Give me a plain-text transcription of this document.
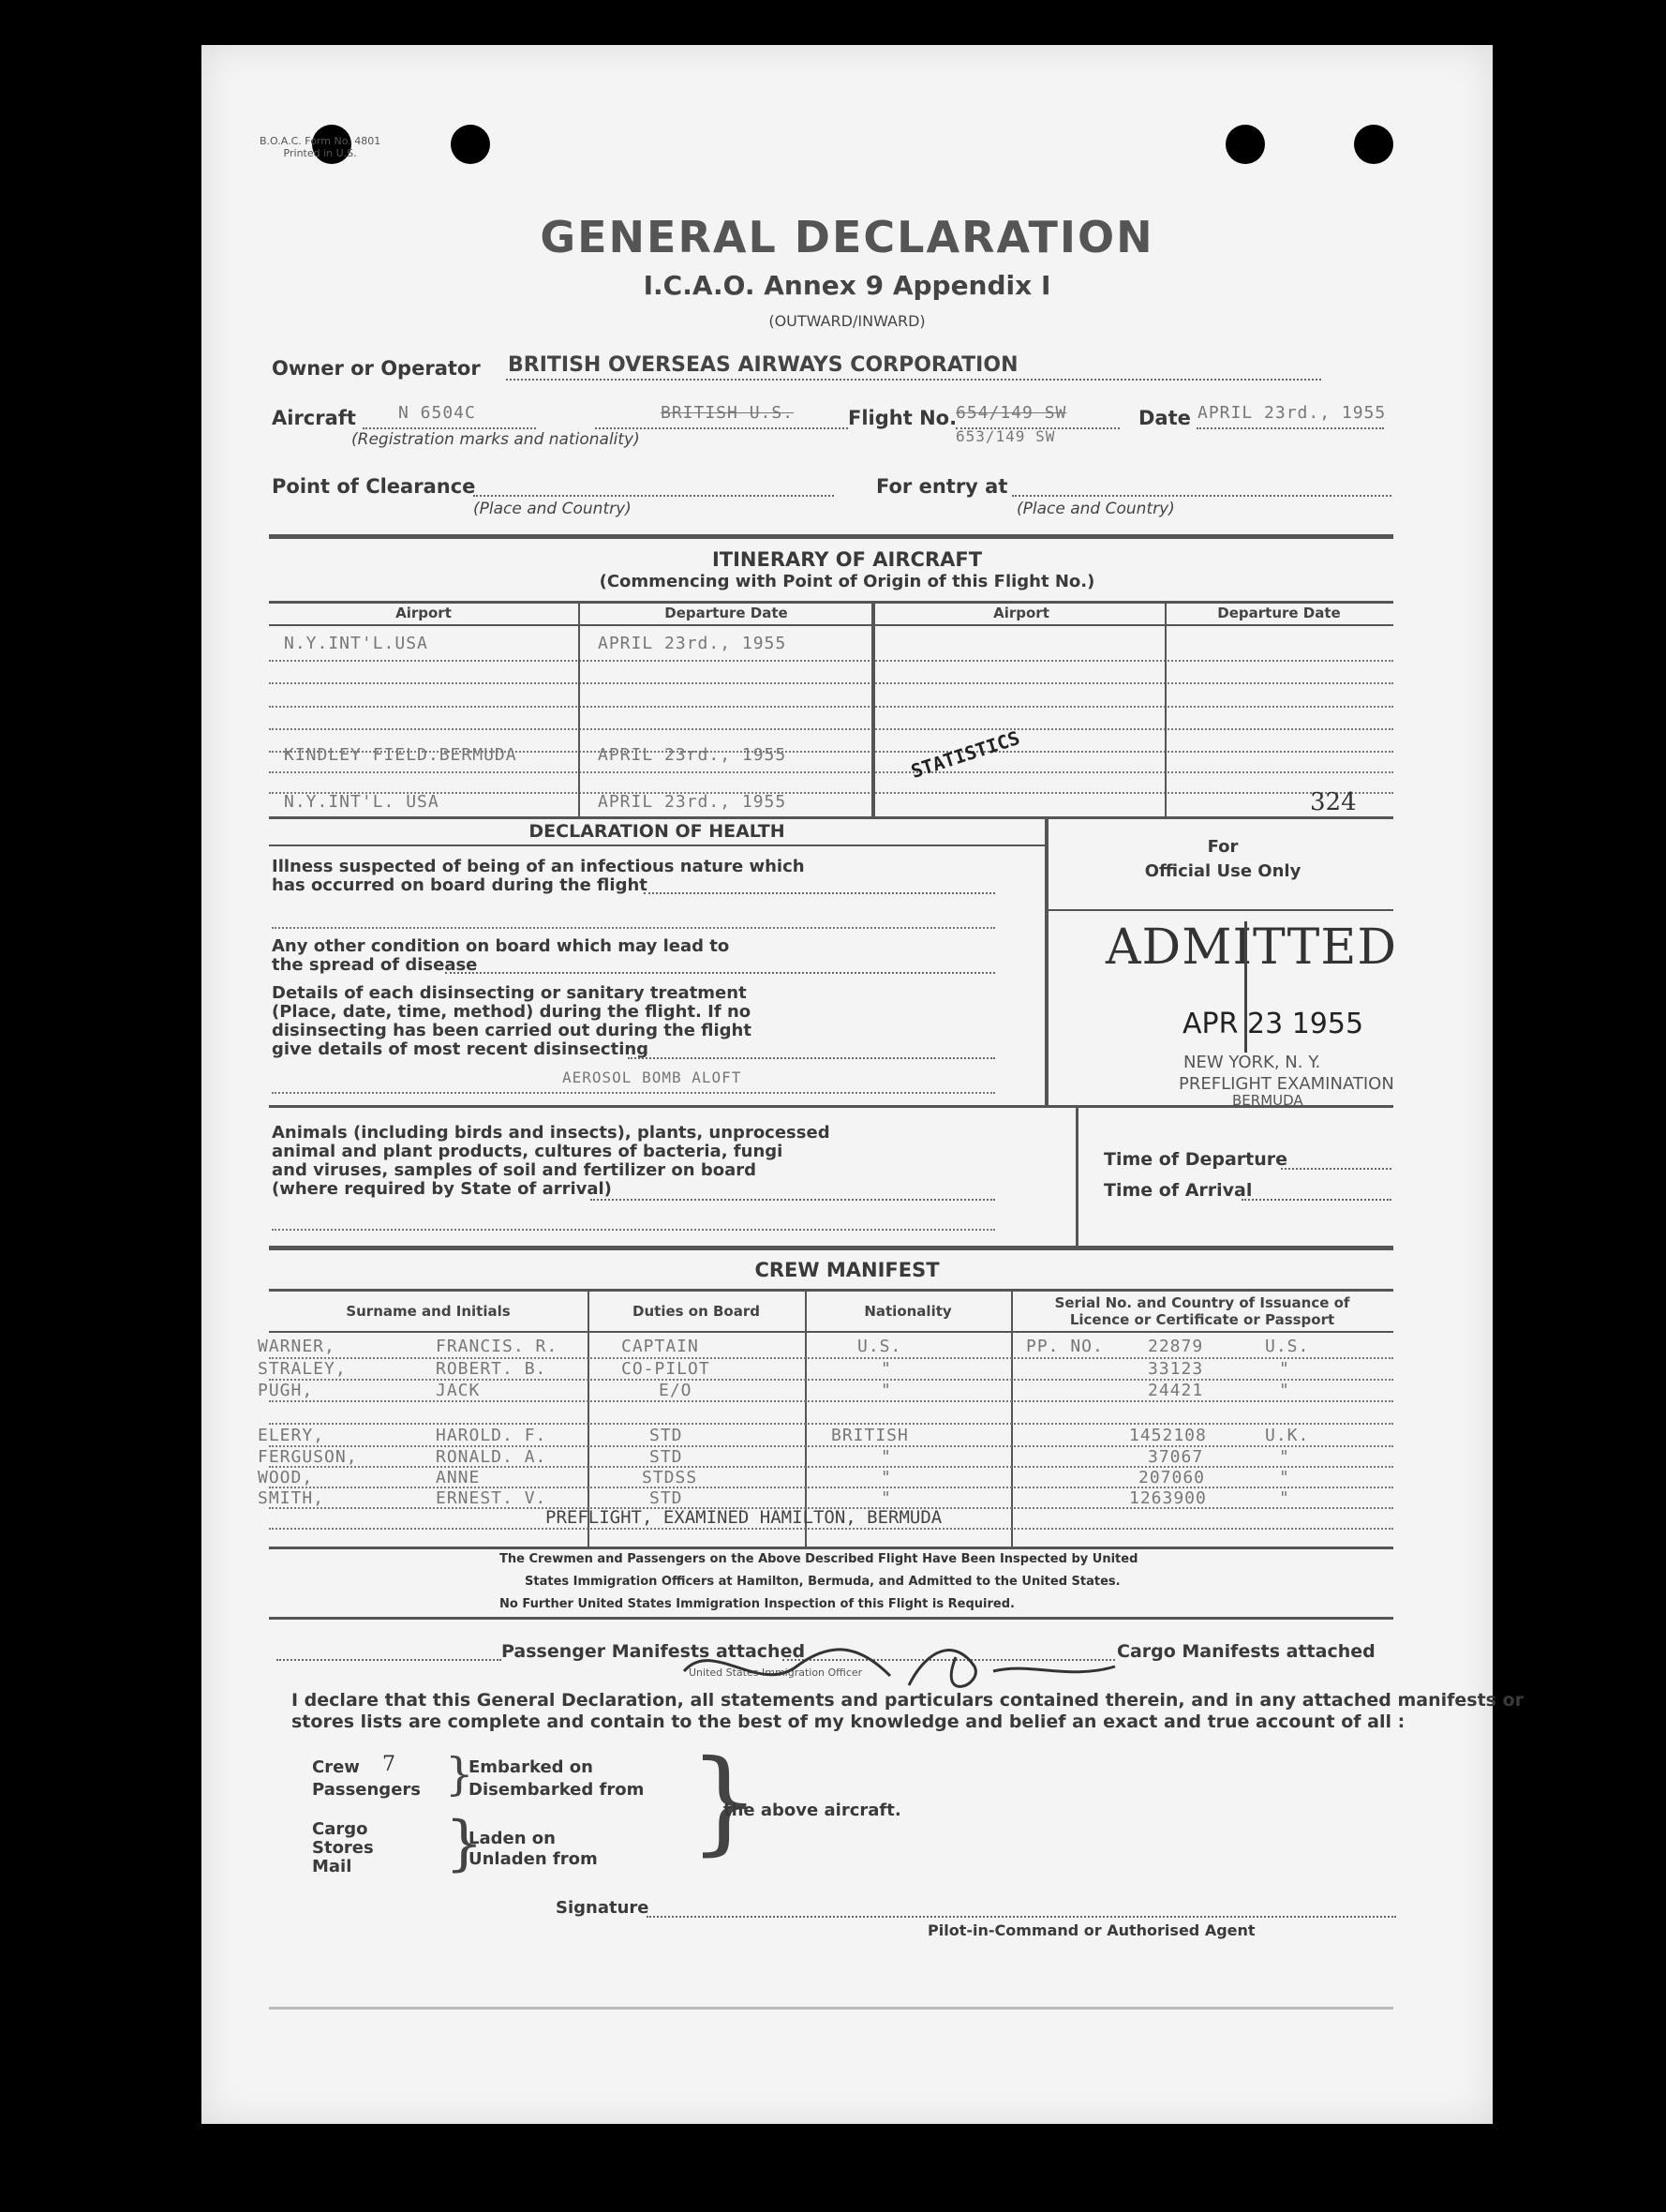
B.O.A.C. Form No. 4801
Printed in U.S.
GENERAL DECLARATION
I.C.A.O. Annex 9 Appendix I
(OUTWARD/INWARD)
Owner or Operator BRITISH OVERSEAS AIRWAYS CORPORATION
Aircraft	N 6504C	BRITISH U.S.	Flight No.
654/149 SW
653/149 SW
Date APRIL 23rd., 1955
(Registration marks and nationality)
Point of Clearance
(Place and Country)
For entry at
(Place and Country)
ITINERARY OF AIRCRAFT
(Commencing with Point of Origin of this Flight No.)
Airport	Departure Date	Airport	Departure Date
N.Y.INT'L.USA	APRIL 23rd., 1955
KINDLEY FIELD.BERMUDA	APRIL 23rd., 1955
N.Y.INT'L. USA	APRIL 23rd., 1955
STATISTICS
324
DECLARATION OF HEALTH
Illness suspected of being of an infectious nature which
has occurred on board during the flight
Any other condition on board which may lead to
the spread of disease
Details of each disinsecting or sanitary treatment
(Place, date, time, method) during the flight. If no
disinsecting has been carried out during the flight
give details of most recent disinsecting
AEROSOL BOMB ALOFT
For
Official Use Only
ADMITTED
APR 23 1955
NEW YORK, N. Y.
PREFLIGHT EXAMINATION
BERMUDA
Animals (including birds and insects), plants, unprocessed
animal and plant products, cultures of bacteria, fungi
and viruses, samples of soil and fertilizer on board
(where required by State of arrival)
Time of Departure
Time of Arrival
CREW MANIFEST
Surname and Initials	Duties on Board	Nationality	Serial No. and Country of Issuance of
Licence or Certificate or Passport
WARNER,	FRANCIS. R.	CAPTAIN	U.S.	PP. NO.	22879	U.S.
STRALEY,	ROBERT. B.	CO-PILOT	"	33123	"
PUGH,	JACK	E/O	"	24421	"
ELERY,	HAROLD. F.	STD	BRITISH	1452108	U.K.
FERGUSON,	RONALD. A.	STD	"	37067	"
WOOD,	ANNE	STDSS	"	207060	"
SMITH,	ERNEST. V.	STD	"	1263900	"
PREFLIGHT, EXAMINED HAMILTON, BERMUDA
The Crewmen and Passengers on the Above Described Flight Have Been Inspected by United
States Immigration Officers at Hamilton, Bermuda, and Admitted to the United States.
No Further United States Immigration Inspection of this Flight is Required.
Passenger Manifests attached	Cargo Manifests attached
United States Immigration Officer
I declare that this General Declaration, all statements and particulars contained therein, and in any attached manifests or
stores lists are complete and contain to the best of my knowledge and belief an exact and true account of all :
Crew 7
Passengers }
Embarked on
Disembarked from
Cargo
Stores
Mail }
Laden on
Unladen from }
the above aircraft.
Signature
Pilot-in-Command or Authorised Agent
